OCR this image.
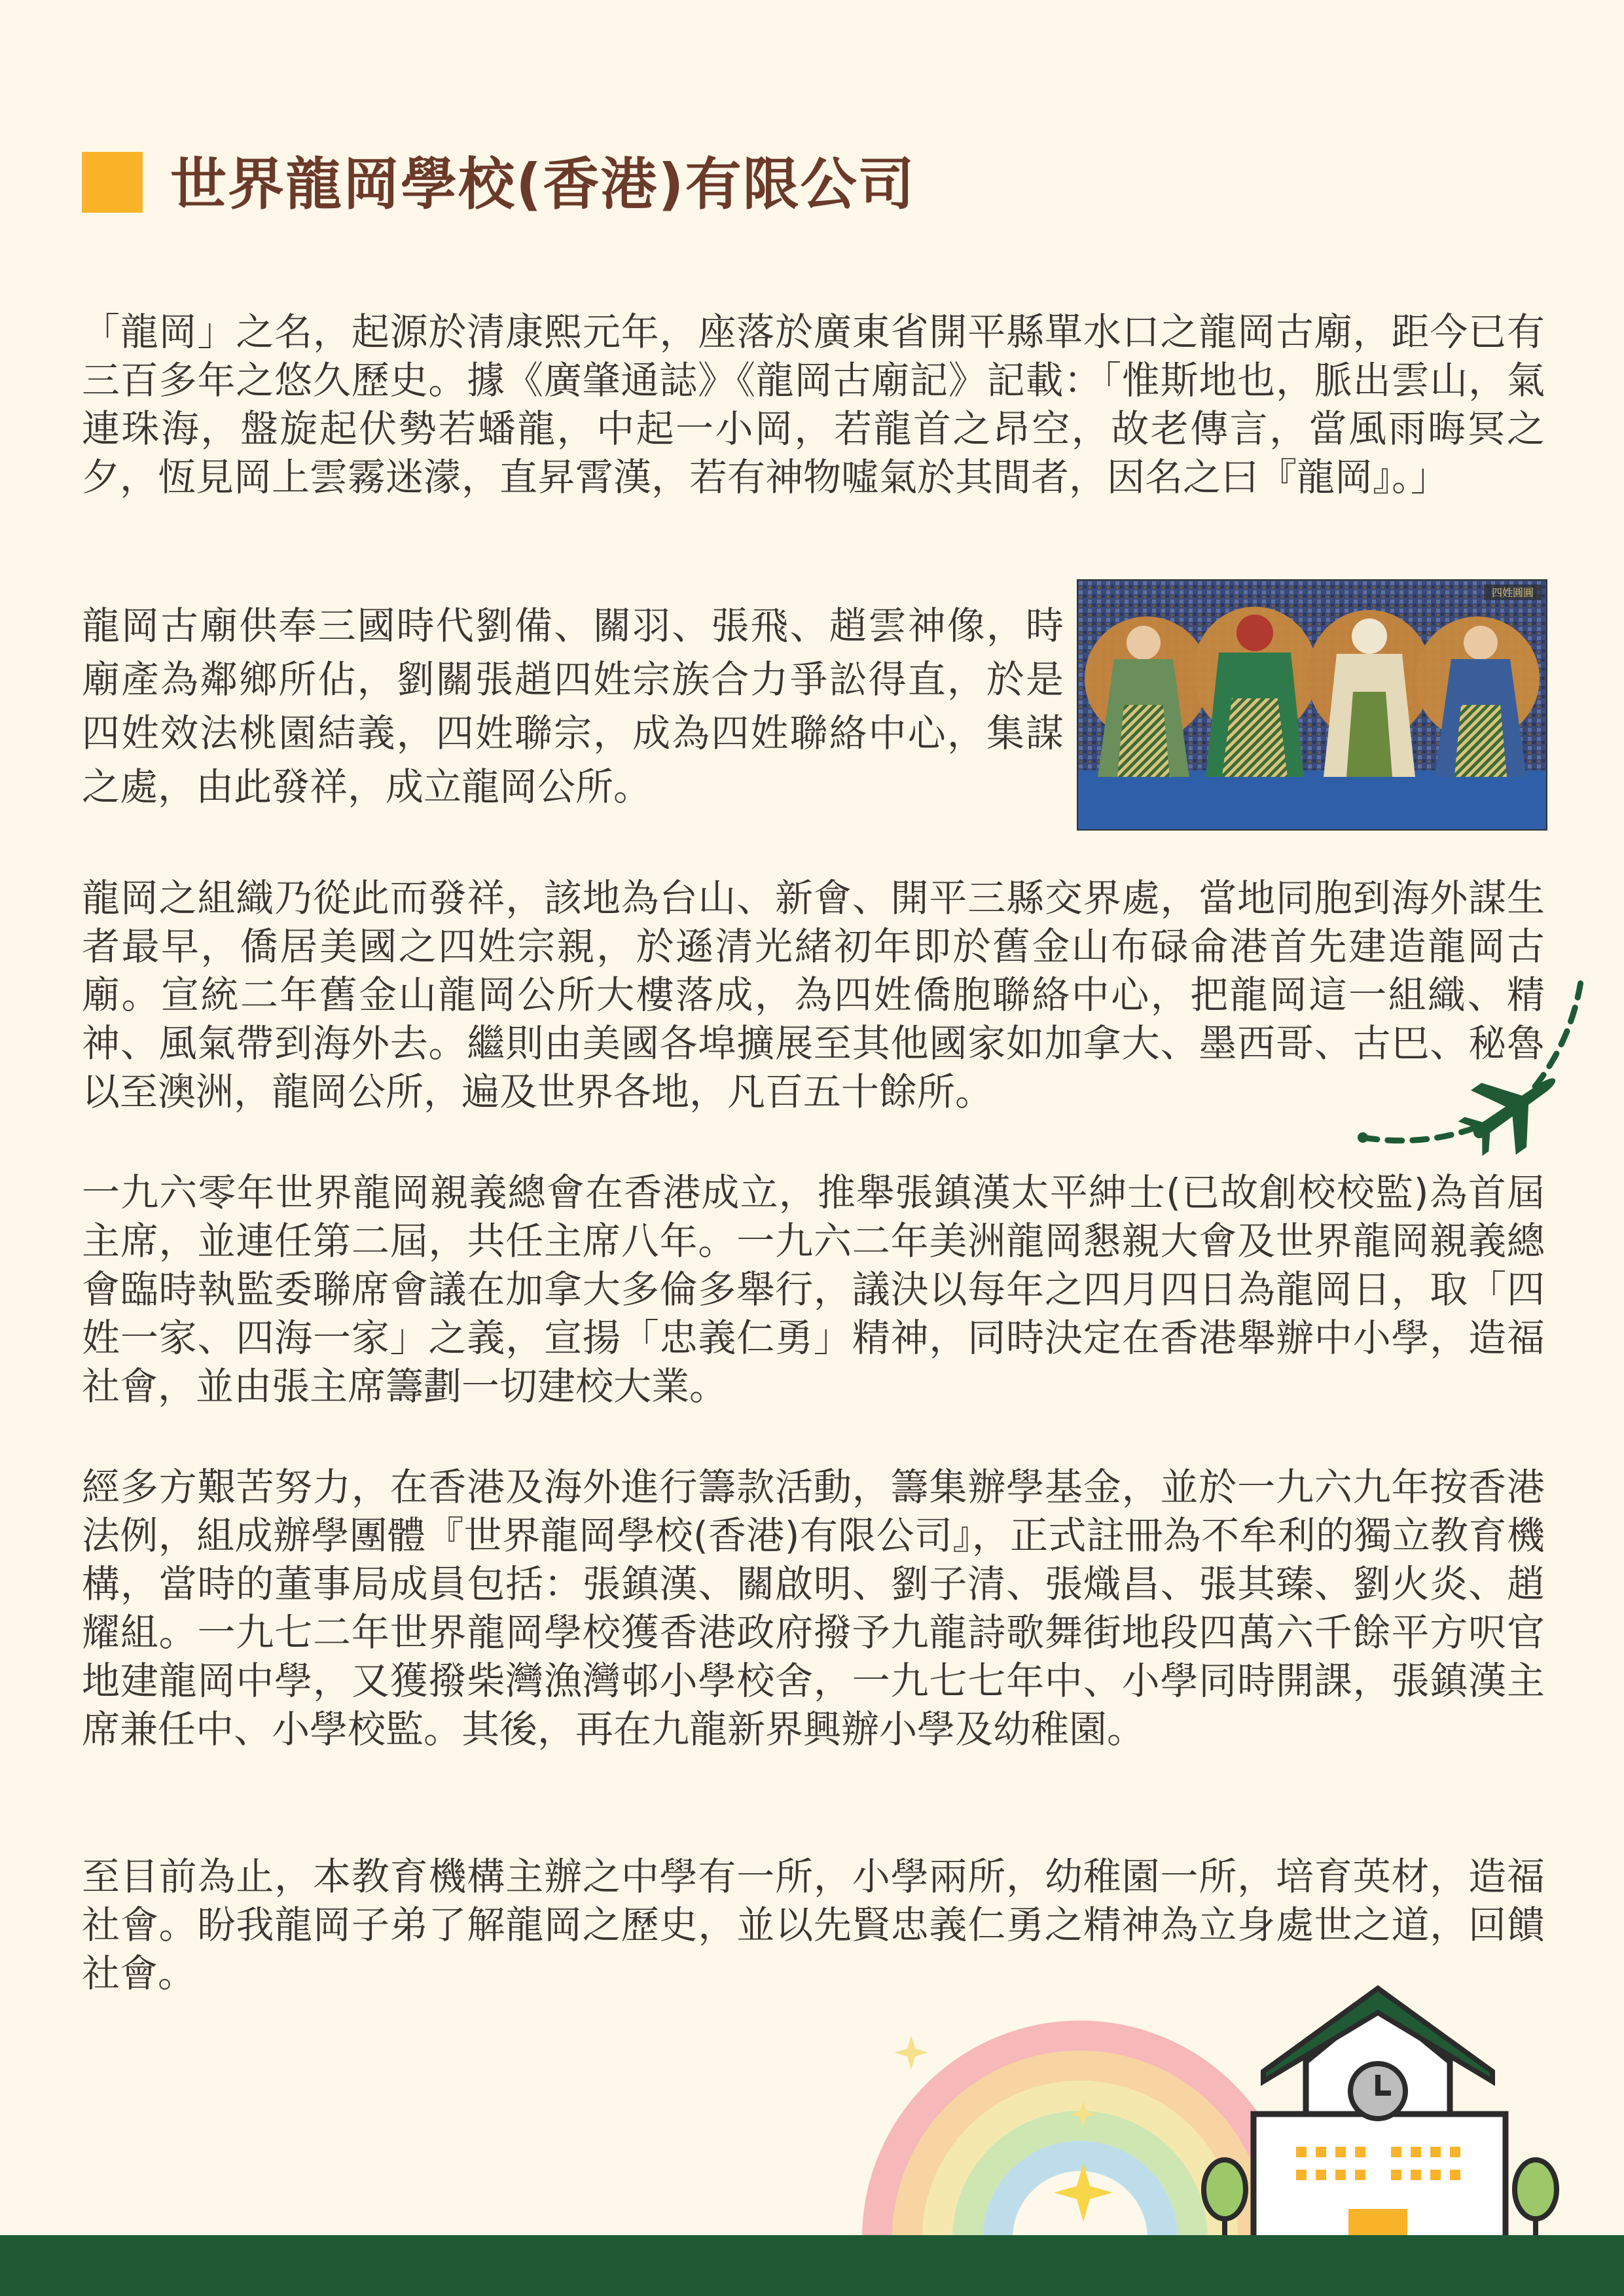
世界龍岡學校(香港)有限公司

「龍岡」之名，起源於清康熙元年，座落於廣東省開平縣單水口之龍岡古廟，距今已有三百多年之悠久歷史。據《廣肇通誌》《龍岡古廟記》記載：「惟斯地也，脈出雲山，氣連珠海，盤旋起伏勢若蟠龍，中起一小岡，若龍首之昂空，故老傳言，當風雨晦冥之夕，恆見岡上雲霧迷濛，直昇霄漢，若有神物噓氣於其間者，因名之曰『龍岡』。」

龍岡古廟供奉三國時代劉備、關羽、張飛、趙雲神像，時廟產為鄰鄉所佔，劉關張趙四姓宗族合力爭訟得直，於是四姓效法桃園結義，四姓聯宗，成為四姓聯絡中心，集謀之處，由此發祥，成立龍岡公所。

四姓圓圓

龍岡之組織乃從此而發祥，該地為台山、新會、開平三縣交界處，當地同胞到海外謀生者最早，僑居美國之四姓宗親，於遜清光緒初年即於舊金山布碌侖港首先建造龍岡古廟。宣統二年舊金山龍岡公所大樓落成，為四姓僑胞聯絡中心，把龍岡這一組織、精神、風氣帶到海外去。繼則由美國各埠擴展至其他國家如加拿大、墨西哥、古巴、秘魯以至澳洲，龍岡公所，遍及世界各地，凡百五十餘所。

一九六零年世界龍岡親義總會在香港成立，推舉張鎮漢太平紳士(已故創校校監)為首屆主席，並連任第二屆，共任主席八年。一九六二年美洲龍岡懇親大會及世界龍岡親義總會臨時執監委聯席會議在加拿大多倫多舉行，議決以每年之四月四日為龍岡日，取「四姓一家、四海一家」之義，宣揚「忠義仁勇」精神，同時決定在香港舉辦中小學，造福社會，並由張主席籌劃一切建校大業。

經多方艱苦努力，在香港及海外進行籌款活動，籌集辦學基金，並於一九六九年按香港法例，組成辦學團體『世界龍岡學校(香港)有限公司』，正式註冊為不牟利的獨立教育機構，當時的董事局成員包括：張鎮漢、關啟明、劉子清、張熾昌、張其臻、劉火炎、趙耀組。一九七二年世界龍岡學校獲香港政府撥予九龍詩歌舞街地段四萬六千餘平方呎官地建龍岡中學，又獲撥柴灣漁灣邨小學校舍，一九七七年中、小學同時開課，張鎮漢主席兼任中、小學校監。其後，再在九龍新界興辦小學及幼稚園。

至目前為止，本教育機構主辦之中學有一所，小學兩所，幼稚園一所，培育英材，造福社會。盼我龍岡子弟了解龍岡之歷史，並以先賢忠義仁勇之精神為立身處世之道，回饋社會。
